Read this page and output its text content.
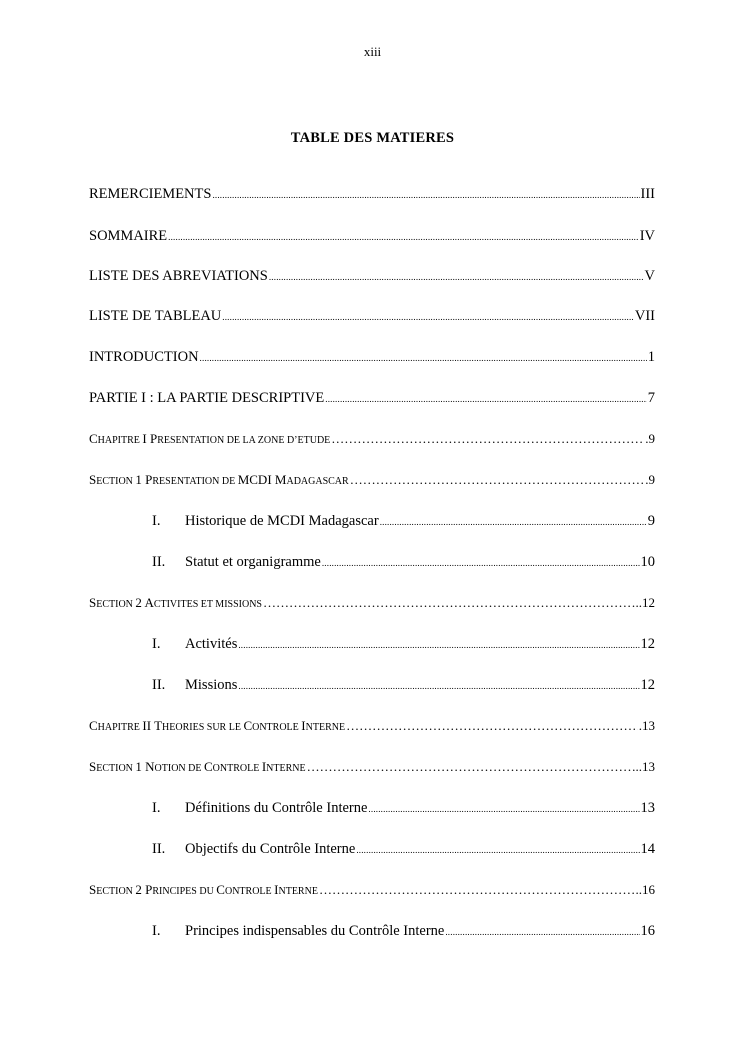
xiii
TABLE DES MATIERES
REMERCIEMENTS .....	III
SOMMAIRE .....	IV
LISTE DES ABREVIATIONS .....	V
LISTE DE TABLEAU .....	VII
INTRODUCTION .....	1
PARTIE I : LA PARTIE DESCRIPTIVE .....	7
CHAPITRE I PRESENTATION DE LA ZONE D’ETUDE ……………………………………………………………………………………………………………………………	.9
SECTION 1 PRESENTATION DE MCDI MADAGASCAR ……………………………………………………………………………………………………………………………	.9
I.	Historique de MCDI Madagascar .....	9
II.	Statut et organigramme .....	10
SECTION 2 ACTIVITES ET MISSIONS ……………………………………………………………………………………………………………………………	..12
I.	Activités .....	12
II.	Missions .....	12
CHAPITRE II THEORIES SUR LE CONTROLE INTERNE ……………………………………………………………………………………………………………………………	.13
SECTION 1 NOTION DE CONTROLE INTERNE ……………………………………………………………………………………………………………………………	..13
I.	Définitions du Contrôle Interne .....	13
II.	Objectifs du Contrôle Interne .....	14
SECTION 2 PRINCIPES DU CONTROLE INTERNE ……………………………………………………………………………………………………………………………	..16
I.	Principes indispensables du Contrôle Interne .....	16
